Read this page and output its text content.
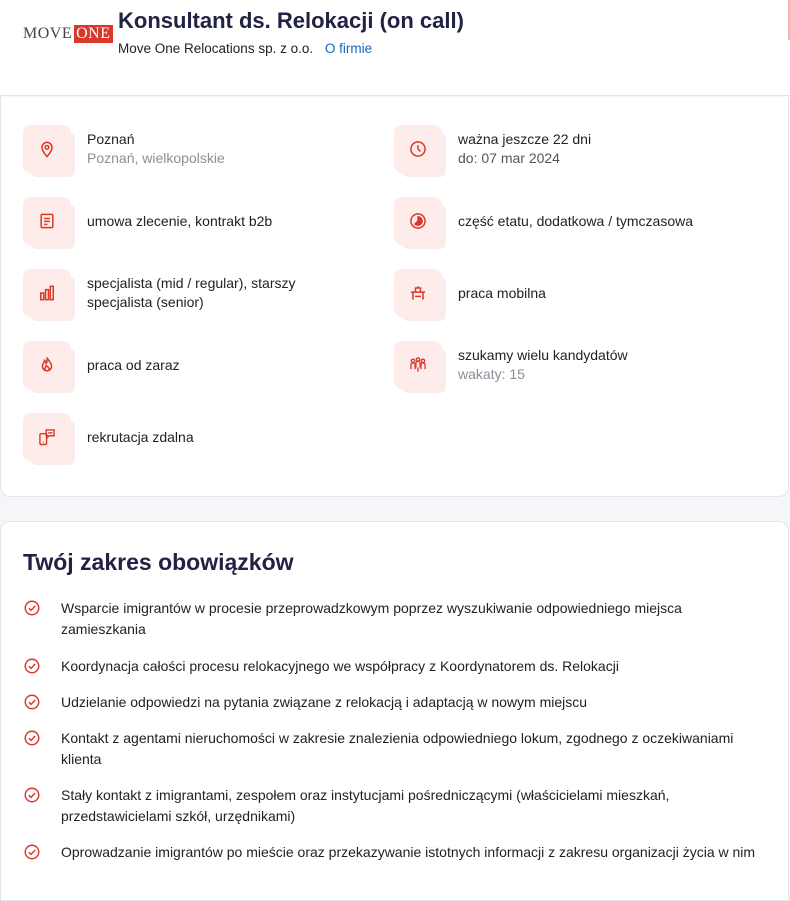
MOVE ONE
Konsultant ds. Relokacji (on call)
Move One Relocations sp. z o.o. O firmie
Poznań
Poznań, wielkopolskie
ważna jeszcze 22 dni
do: 07 mar 2024
umowa zlecenie, kontrakt b2b	część etatu, dodatkowa / tymczasowa
specjalista (mid / regular), starszy specjalista (senior)
praca mobilna
praca od zaraz
szukamy wielu kandydatów
wakaty: 15
rekrutacja zdalna
Twój zakres obowiązków
Wsparcie imigrantów w procesie przeprowadzkowym poprzez wyszukiwanie odpowiedniego miejsca zamieszkania
Koordynacja całości procesu relokacyjnego we współpracy z Koordynatorem ds. Relokacji
Udzielanie odpowiedzi na pytania związane z relokacją i adaptacją w nowym miejscu
Kontakt z agentami nieruchomości w zakresie znalezienia odpowiedniego lokum, zgodnego z oczekiwaniami klienta
Stały kontakt z imigrantami, zespołem oraz instytucjami pośredniczącymi (właścicielami mieszkań, przedstawicielami szkół, urzędnikami)
Oprowadzanie imigrantów po mieście oraz przekazywanie istotnych informacji z zakresu organizacji życia w nim
